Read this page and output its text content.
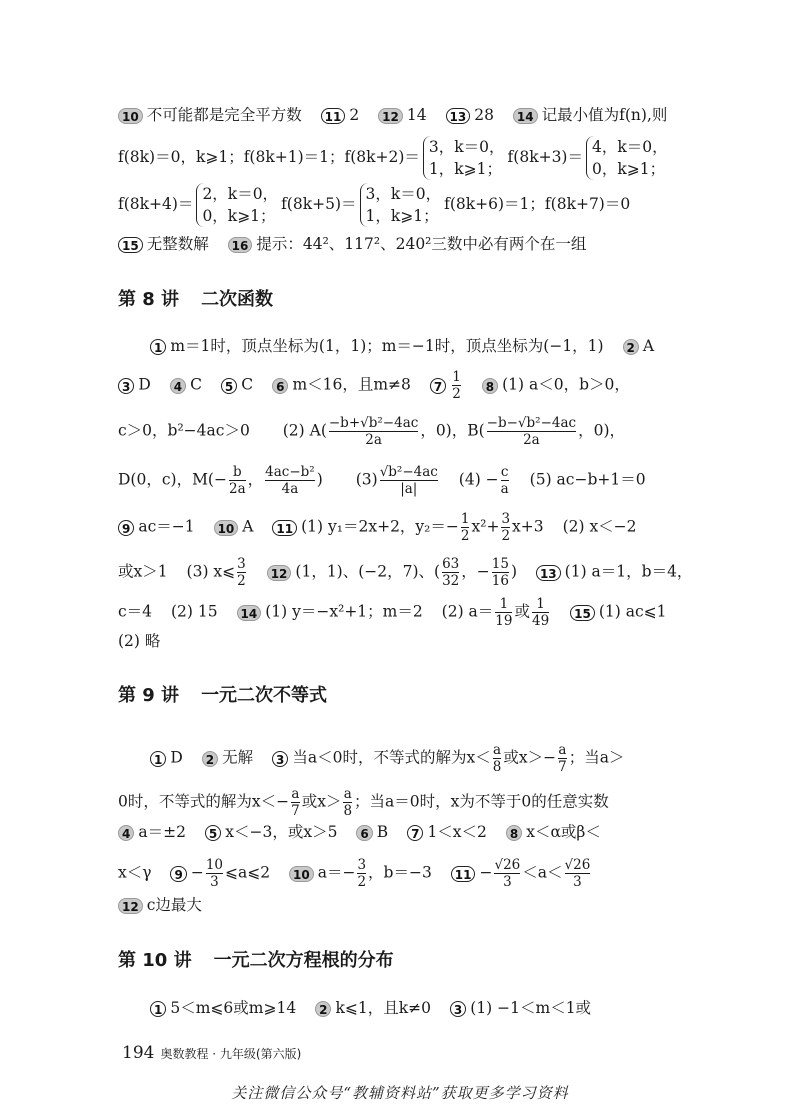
10 不可能都是完全平方数 11 2 12 14 13 28 14 记最小值为f(n),则
f(8k)＝0，k⩾1；f(8k+1)＝1；f(8k+2)＝
3，k＝0，
1，k⩾1；
f(8k+3)＝
4，k＝0，
0，k⩾1；
f(8k+4)＝
2，k＝0，
0，k⩾1；
f(8k+5)＝
3，k＝0，
1，k⩾1；
f(8k+6)＝1；f(8k+7)＝0
15 无整数解 16 提示：44²、117²、240²三数中必有两个在一组
第 8 讲 二次函数
1 m＝1时，顶点坐标为(1，1)；m＝−1时，顶点坐标为(−1，1) 2 A
3 D 4 C 5 C 6 m＜16，且m≠8 $7 \frac{1}{2} 8$ (1) a＜0，b＞0，
c＞0，b²−4ac＞0 (2) $A( \frac{\text{−b+√b²−4ac}}{2a}$ ，0)，$B( \frac{\text{−b−√b²−4ac}}{2a}$ ，0)，
D(0，c)，$M(- \frac{b}{2a}$ ， $\frac{\text{4ac−b²}}{4a}$ ) $(3) \frac{\text{√b²−4ac}}{|a|} (4) - \frac{c}{a} (5)$ ac−b+1＝0
9 ac＝−1 10 A 11 (1) y₁＝2x+2，$y_2=- \frac{1}{2} x^2+ \frac{3}{2} x+3$ (2) x＜−2
或x＞1 (3) x⩽ $\frac{3}{2} 12$ (1，1)、(−2，7)、( $\frac{63}{32}$ ，− $\frac{15}{16}$ ) 13 (1) a＝1，b＝4，
c＝4 (2) 15 14 (1) y＝−x²+1；m＝2 (2) $a= \frac{1}{19}$ 或 $\frac{1}{49} 15$ (1) ac⩽1
(2) 略
第 9 讲 一元二次不等式
1 D 2 无解 3 当a＜0时，不等式的解为$x< \frac{a}{8}$ 或$x>- \frac{a}{7}$ ；当a＞
0时，不等式的解为$x<- \frac{a}{7}$ 或$x> \frac{a}{8}$ ；当a＝0时，x为不等于0的任意实数
4 a＝±2 5 x＜−3，或x＞5 6 B 7 1＜x＜2 8 x＜α或β＜
x＜γ $9 - \frac{10}{3}$ ⩽a⩽2 10 $a=- \frac{3}{2}$ ，b＝−3 $11 - \frac{√26}{3} <a< \frac{√26}{3}$
12 c边最大
第 10 讲 一元二次方程根的分布
1 5＜m⩽6或m⩾14 2 k⩽1，且k≠0 3 (1) −1＜m＜1或
194 奥数教程 · 九年级(第六版)
关注微信公众号“教辅资料站”获取更多学习资料
